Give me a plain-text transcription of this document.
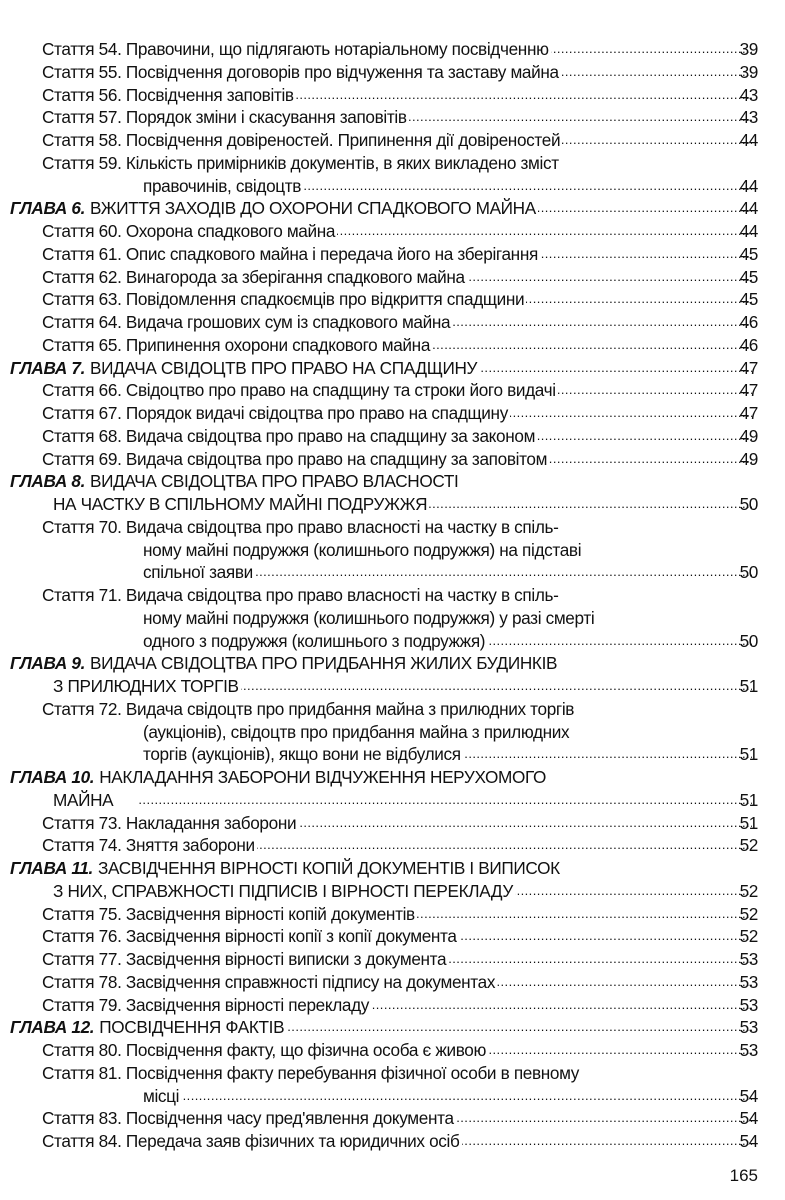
Стаття 54. Правочини, що підлягають нотаріальному посвідченню . . .	39
Стаття 55. Посвідчення договорів про відчуження та заставу майна . . .	39
Стаття 56. Посвідчення заповітів . . .	43
Стаття 57. Порядок зміни і скасування заповітів . . .	43
Стаття 58. Посвідчення довіреностей. Припинення дії довіреностей . . .	44
Стаття 59. Кількість примірників документів, в яких викладено зміст
правочинів, свідоцтв . . .	44
ГЛАВА 6. ВЖИТТЯ ЗАХОДІВ ДО ОХОРОНИ СПАДКОВОГО МАЙНА . . .	44
Стаття 60. Охорона спадкового майна . . .	44
Стаття 61. Опис спадкового майна і передача його на зберігання . . .	45
Стаття 62. Винагорода за зберігання спадкового майна . . .	45
Стаття 63. Повідомлення спадкоємців про відкриття спадщини . . .	45
Стаття 64. Видача грошових сум із спадкового майна . . .	46
Стаття 65. Припинення охорони спадкового майна . . .	46
ГЛАВА 7. ВИДАЧА СВІДОЦТВ ПРО ПРАВО НА СПАДЩИНУ . . .	47
Стаття 66. Свідоцтво про право на спадщину та строки його видачі . . .	47
Стаття 67. Порядок видачі свідоцтва про право на спадщину . . .	47
Стаття 68. Видача свідоцтва про право на спадщину за законом . . .	49
Стаття 69. Видача свідоцтва про право на спадщину за заповітом . . .	49
ГЛАВА 8. ВИДАЧА СВІДОЦТВА ПРО ПРАВО ВЛАСНОСТІ
НА ЧАСТКУ В СПІЛЬНОМУ МАЙНІ ПОДРУЖЖЯ . . .	50
Стаття 70. Видача свідоцтва про право власності на частку в спіль-
ному майні подружжя (колишнього подружжя) на підставі
спільної заяви . . .	50
Стаття 71. Видача свідоцтва про право власності на частку в спіль-
ному майні подружжя (колишнього подружжя) у разі смерті
одного з подружжя (колишнього з подружжя) . . .	50
ГЛАВА 9. ВИДАЧА СВІДОЦТВА ПРО ПРИДБАННЯ ЖИЛИХ БУДИНКІВ
З ПРИЛЮДНИХ ТОРГІВ . . .	51
Стаття 72. Видача свідоцтв про придбання майна з прилюдних торгів
(аукціонів), свідоцтв про придбання майна з прилюдних
торгів (аукціонів), якщо вони не відбулися . . .	51
ГЛАВА 10. НАКЛАДАННЯ ЗАБОРОНИ ВІДЧУЖЕННЯ НЕРУХОМОГО
МАЙНА . . .	51
Стаття 73. Накладання заборони . . .	51
Стаття 74. Зняття заборони . . .	52
ГЛАВА 11. ЗАСВІДЧЕННЯ ВІРНОСТІ КОПІЙ ДОКУМЕНТІВ І ВИПИСОК
З НИХ, СПРАВЖНОСТІ ПІДПИСІВ І ВІРНОСТІ ПЕРЕКЛАДУ . . .	52
Стаття 75. Засвідчення вірності копій документів . . .	52
Стаття 76. Засвідчення вірності копії з копії документа . . .	52
Стаття 77. Засвідчення вірності виписки з документа . . .	53
Стаття 78. Засвідчення справжності підпису на документах . . .	53
Стаття 79. Засвідчення вірності перекладу . . .	53
ГЛАВА 12. ПОСВІДЧЕННЯ ФАКТІВ . . .	53
Стаття 80. Посвідчення факту, що фізична особа є живою . . .	53
Стаття 81. Посвідчення факту перебування фізичної особи в певному
місці . . .	54
Стаття 83. Посвідчення часу пред'явлення документа . . .	54
Стаття 84. Передача заяв фізичних та юридичних осіб . . .	54
165
